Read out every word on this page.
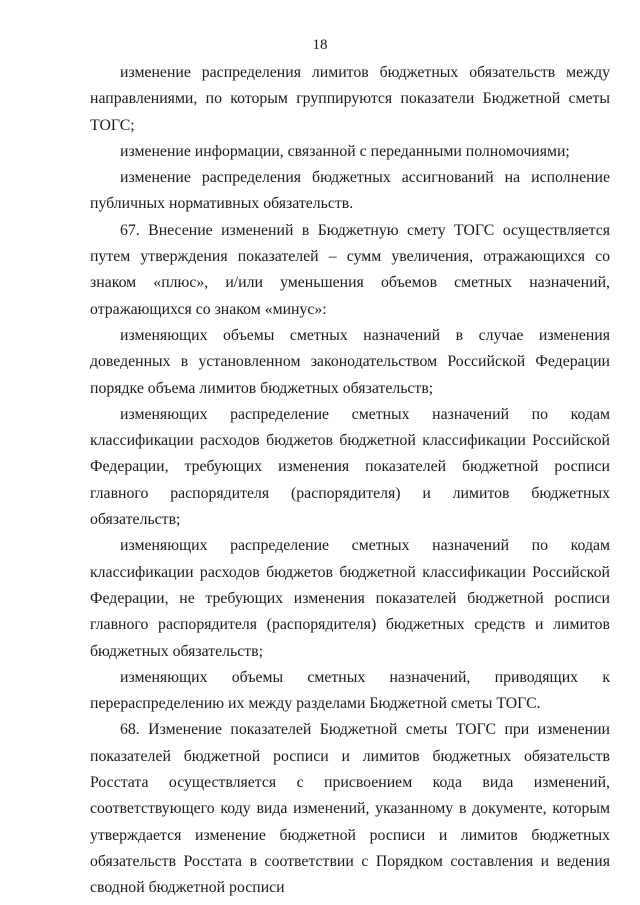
18

изменение распределения лимитов бюджетных обязательств между направлениями, по которым группируются показатели Бюджетной сметы ТОГС;

изменение информации, связанной с переданными полномочиями;

изменение распределения бюджетных ассигнований на исполнение публичных нормативных обязательств.

67. Внесение изменений в Бюджетную смету ТОГС осуществляется путем утверждения показателей – сумм увеличения, отражающихся со знаком «плюс», и/или уменьшения объемов сметных назначений, отражающихся со знаком «минус»:

изменяющих объемы сметных назначений в случае изменения доведенных в установленном законодательством Российской Федерации порядке объема лимитов бюджетных обязательств;

изменяющих распределение сметных назначений по кодам классификации расходов бюджетов бюджетной классификации Российской Федерации, требующих изменения показателей бюджетной росписи главного распорядителя (распорядителя) и лимитов бюджетных обязательств;

изменяющих распределение сметных назначений по кодам классификации расходов бюджетов бюджетной классификации Российской Федерации, не требующих изменения показателей бюджетной росписи главного распорядителя (распорядителя) бюджетных средств и лимитов бюджетных обязательств;

изменяющих объемы сметных назначений, приводящих к перераспределению их между разделами Бюджетной сметы ТОГС.

68. Изменение показателей Бюджетной сметы ТОГС при изменении показателей бюджетной росписи и лимитов бюджетных обязательств Росстата осуществляется с присвоением кода вида изменений, соответствующего коду вида изменений, указанному в документе, которым утверждается изменение бюджетной росписи и лимитов бюджетных обязательств Росстата в соответствии с Порядком составления и ведения сводной бюджетной росписи
